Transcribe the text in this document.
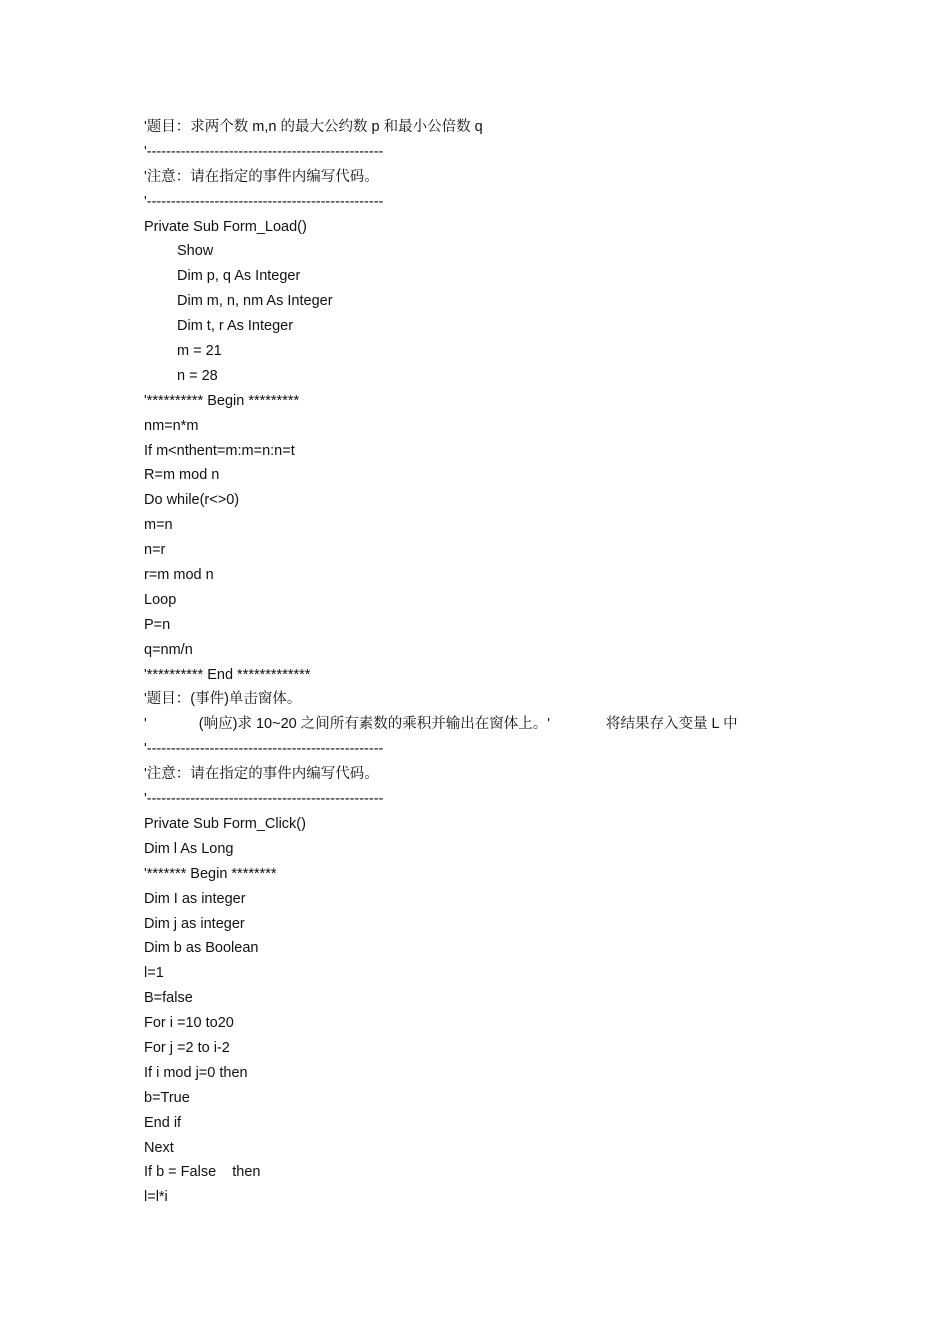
'题目：求两个数 m,n 的最大公约数 p 和最小公倍数 q
'-------------------------------------------------
'注意：请在指定的事件内编写代码。
'-------------------------------------------------
Private Sub Form_Load()
Show
Dim p, q As Integer
Dim m, n, nm As Integer
Dim t, r As Integer
m = 21
n = 28
'********** Begin *********
nm=n*m
If m<nthent=m:m=n:n=t
R=m mod n
Do while(r<>0)
m=n
n=r
r=m mod n
Loop
P=n
q=nm/n
'********** End *************
'题目：(事件)单击窗体。
'	(响应)求 10~20 之间所有素数的乘积并输出在窗体上。'	将结果存入变量 L 中
'-------------------------------------------------
'注意：请在指定的事件内编写代码。
'-------------------------------------------------
Private Sub Form_Click()
Dim l As Long
'******* Begin ********
Dim I as integer
Dim j as integer
Dim b as Boolean
l=1
B=false
For i =10 to20
For j =2 to i-2
If i mod j=0 then
b=True
End if
Next
If b = False then
l=l*i
